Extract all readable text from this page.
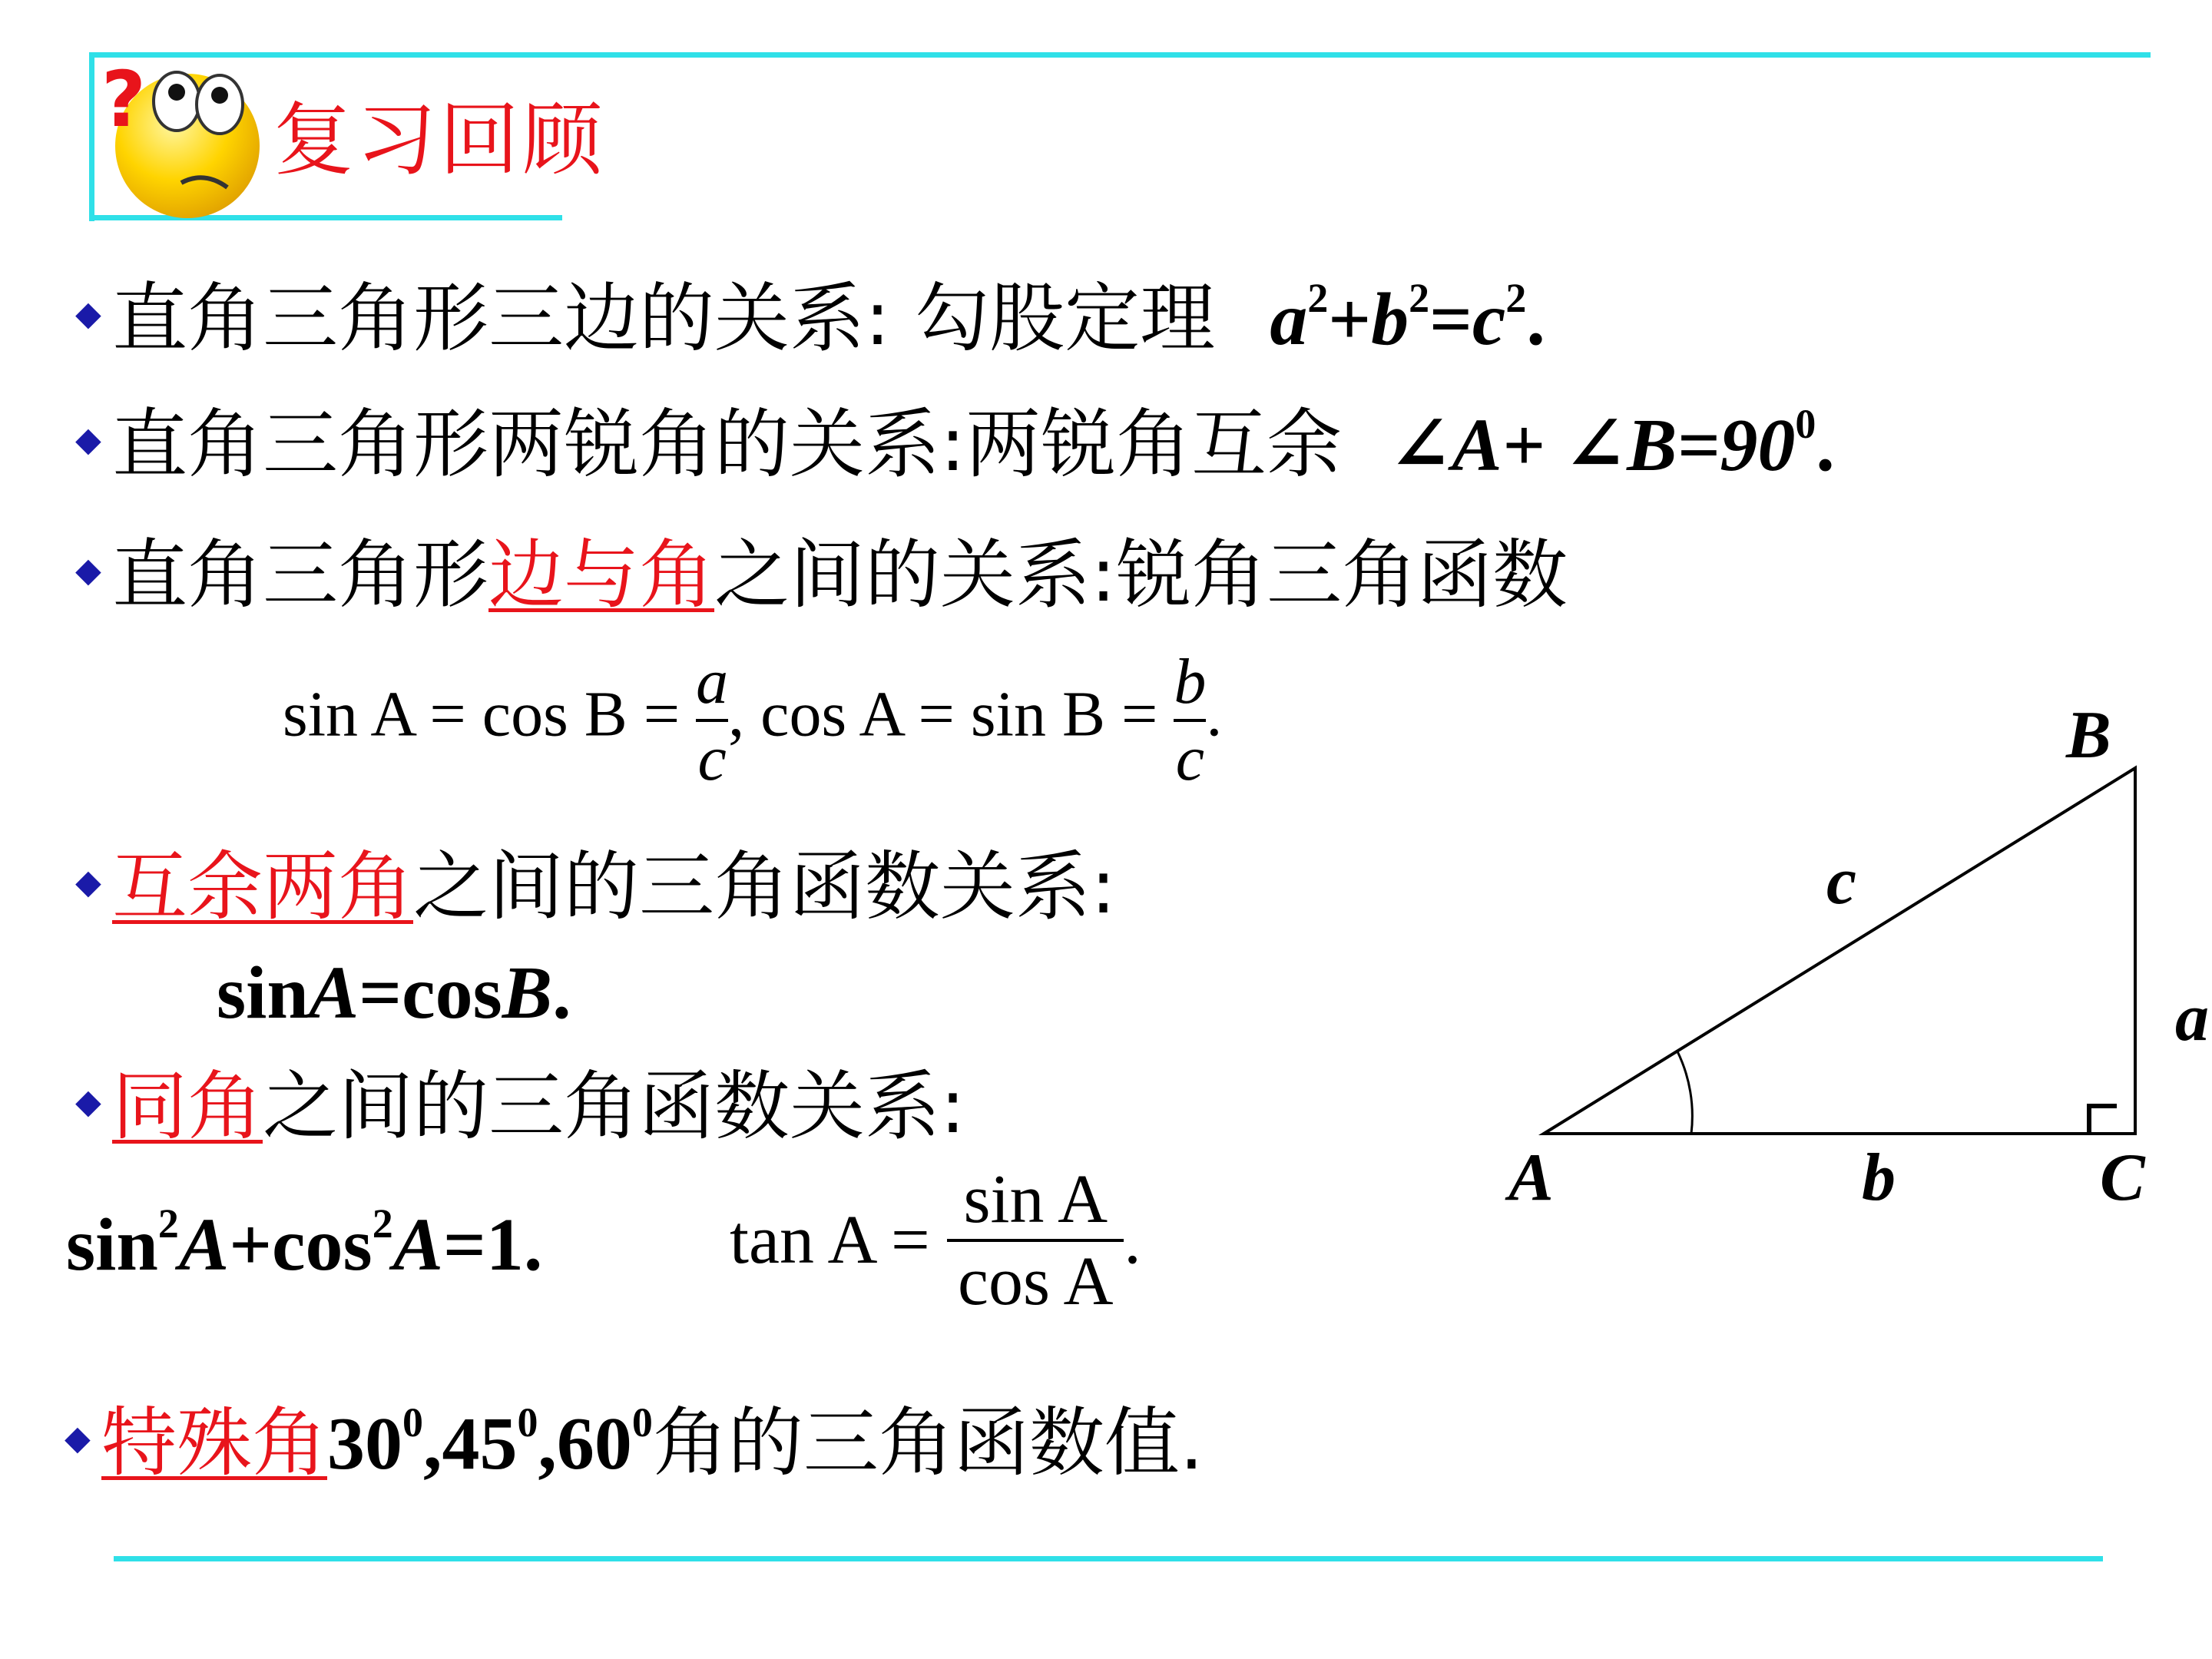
? 复习回顾
◆ 直角三角形三边的关系: 勾股定理 $a^2+b^2=c^2$.
◆ 直角三角形两锐角的关系:两锐角互余 ∠A+ $\angle B=90^0$.
◆ 直角三角形边与角之间的关系:锐角三角函数
$\sin A = \cos B = \frac{a}{c}$ , $\cos A = \sin B = \frac{b}{c}$ .
◆ 互余两角之间的三角函数关系:
sinA=cosB.
◆ 同角之间的三角函数关系:
$\sin^2A+\cos^2A=1$.	$\tan A = \frac{\text{sin A}}{\text{cos A}}$ .
◆ 特殊角$30^0,45^0,60^0$角的三角函数值.
A
B
C
c
a
b
